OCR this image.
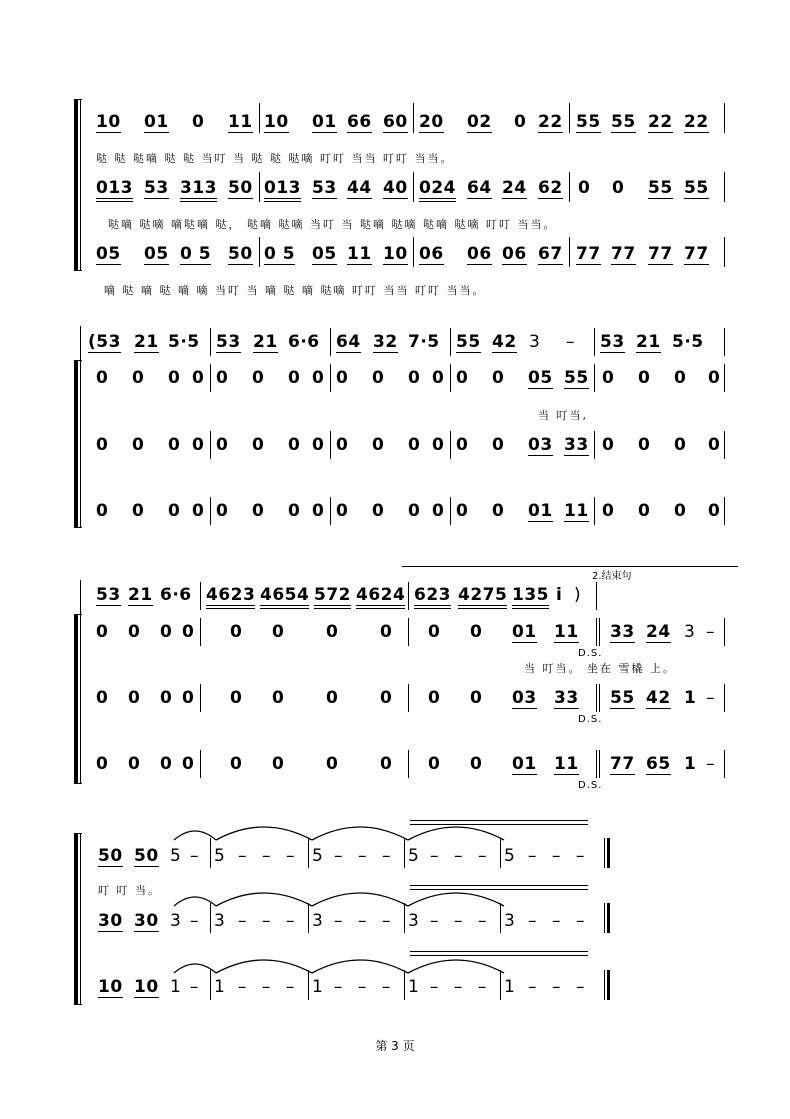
10 01 0 11 10 01 66 60 20 02 0 22 55 55 22 22
哒 哒 哒嘀 哒 哒 当叮 当 哒 哒 哒嘀 叮叮 当当 叮叮 当当。
013 53 313 50 013 53 44 40 024 64 24 62 0 0 55 55
哒嘀 哒嘀 嘀哒嘀 哒， 哒嘀 哒嘀 当叮 当 哒嘀 哒嘀 哒嘀 哒嘀 叮叮 当当。
05 05 0 5 50 0 5 05 11 10 06 06 06 67 77 77 77 77
嘀 哒 嘀 哒 嘀 嘀 当叮 当 嘀 哒 嘀 哒嘀 叮叮 当当 叮叮 当当。
(53 21 5·5 53 21 6·6 64 32 7·5 55 42 3 – 53 21 5·5
0 0 0 0 0 0 0 0 0 0 0 0 0 0 05 55 0 0 0 0
当 叮当,
0 0 0 0 0 0 0 0 0 0 0 0 0 0 03 33 0 0 0 0
0 0 0 0 0 0 0 0 0 0 0 0 0 0 01 11 0 0 0 0
2.结束句
53 21 6·6 4623 4654 572 4624 623 4275 135 i )
0 0 0 0 0 0 0 0 0 0 01 11 33 24 3 –
D.S.
当 叮当。 坐在 雪橇 上。
0 0 0 0 0 0 0 0 0 0 03 33 55 42 1 –
D.S.
0 0 0 0 0 0 0 0 0 0 01 11 77 65 1 –
D.S.
50 50 5 – 5 – – – 5 – – – 5 – – – 5 – – –
叮 叮 当。
30 30 3 – 3 – – – 3 – – – 3 – – – 3 – – –
10 10 1 – 1 – – – 1 – – – 1 – – – 1 – – –
第 3 页
